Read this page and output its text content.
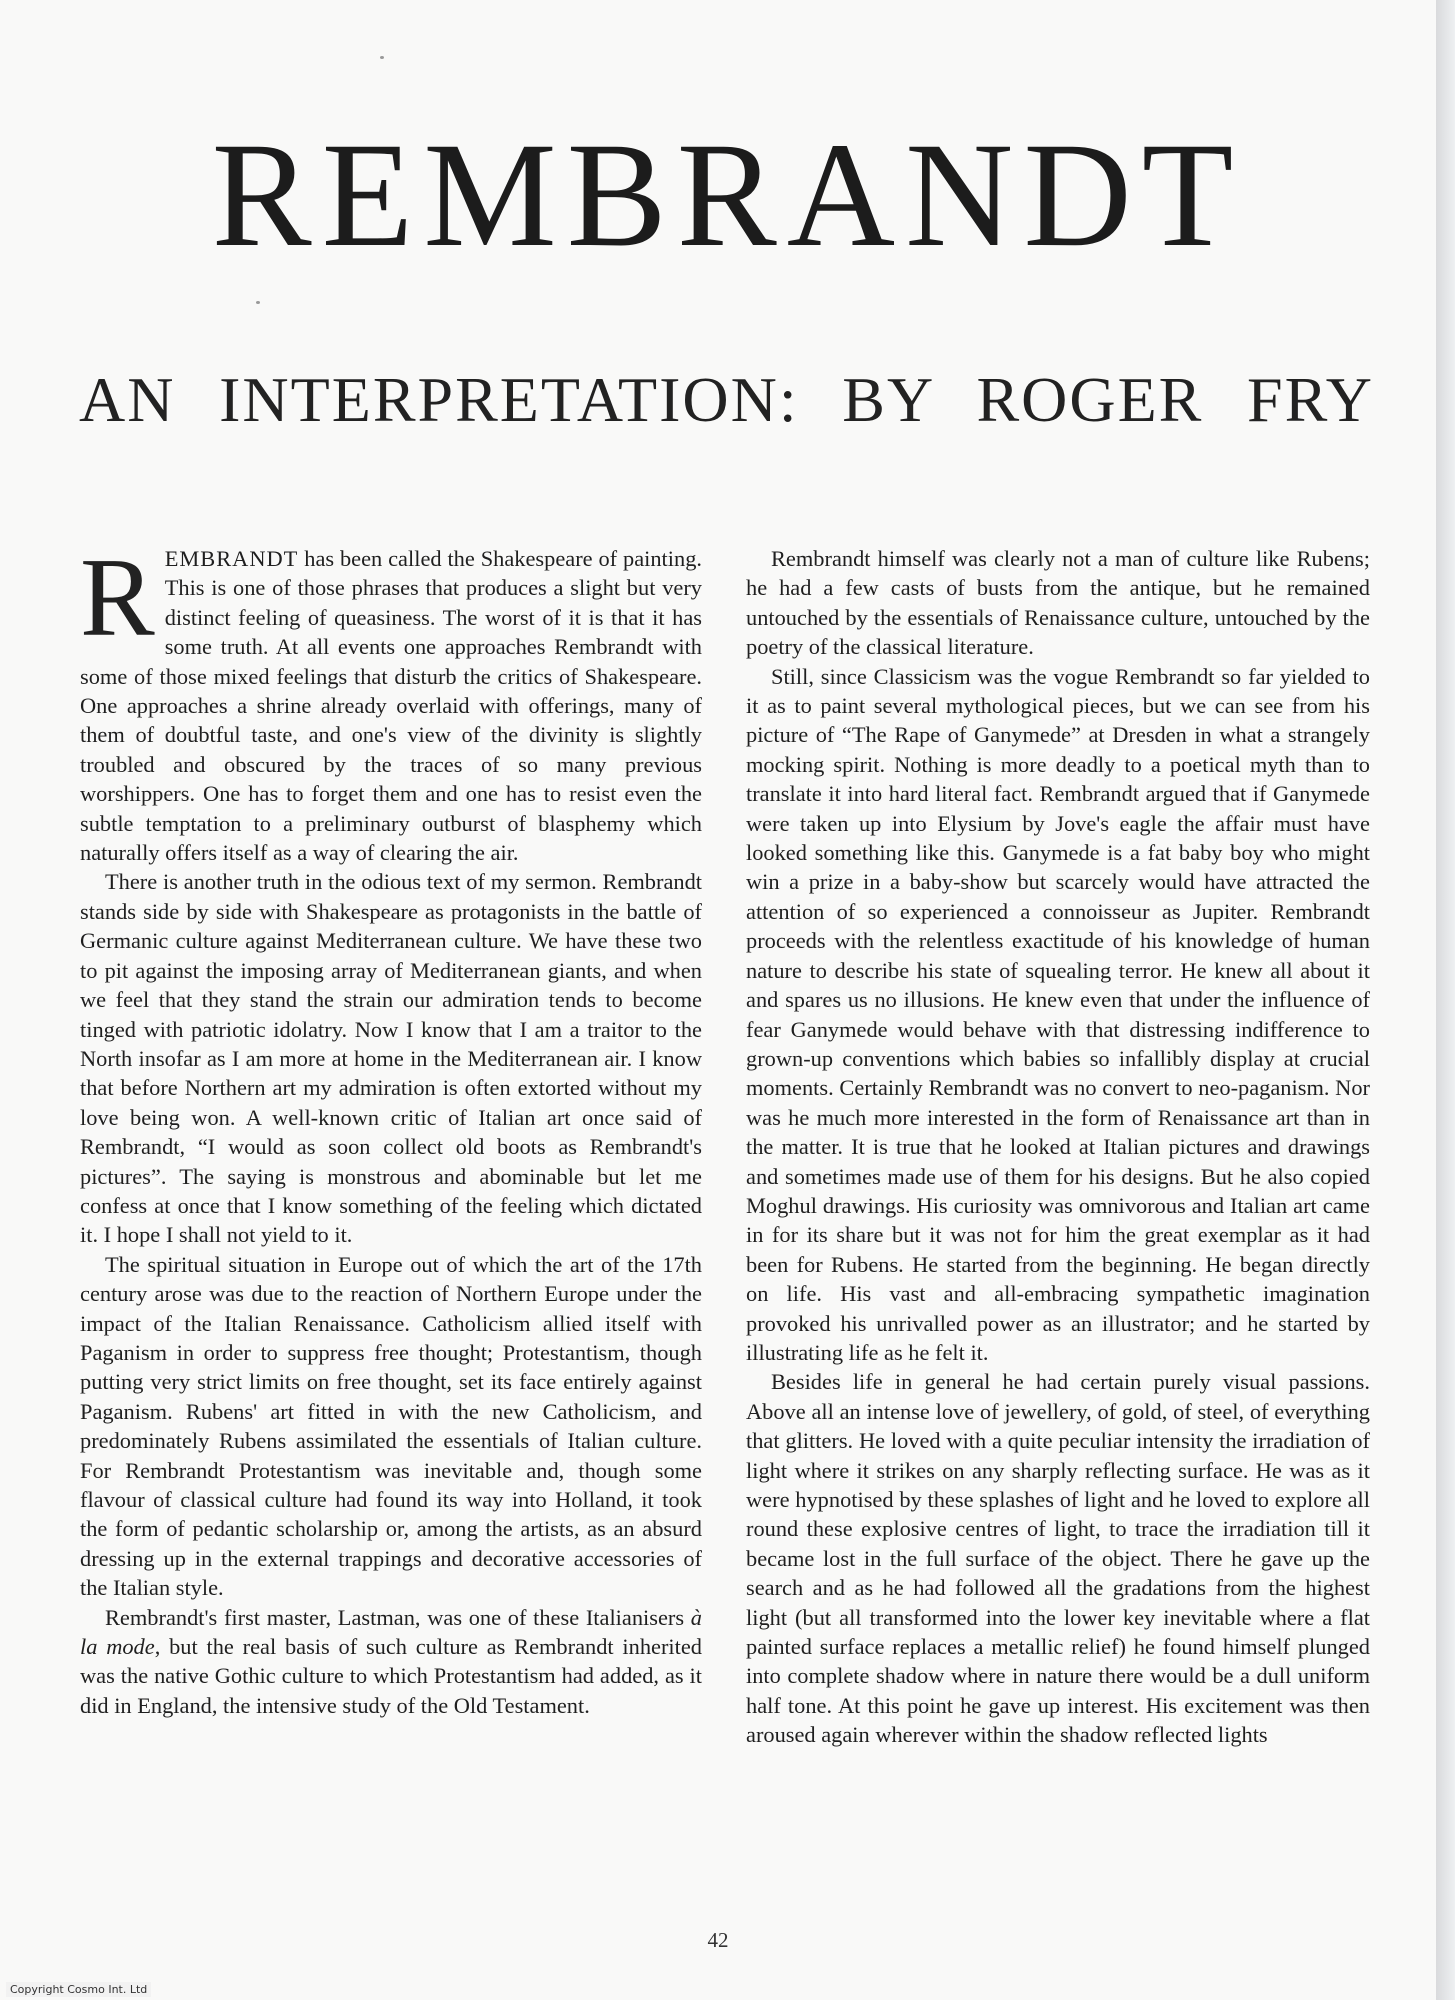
REMBRANDT
AN INTERPRETATION: BY ROGER FRY

REMBRANDT has been called the Shakespeare of painting. This is one of those phrases that produces a slight but very distinct feeling of queasiness. The worst of it is that it has some truth. At all events one approaches Rembrandt with some of those mixed feelings that disturb the critics of Shakespeare. One approaches a shrine already overlaid with offerings, many of them of doubtful taste, and one's view of the divinity is slightly troubled and obscured by the traces of so many previous worshippers. One has to forget them and one has to resist even the subtle temptation to a preliminary outburst of blasphemy which naturally offers itself as a way of clearing the air.

There is another truth in the odious text of my sermon. Rembrandt stands side by side with Shakespeare as protagonists in the battle of Germanic culture against Mediterranean culture. We have these two to pit against the imposing array of Mediterranean giants, and when we feel that they stand the strain our admiration tends to become tinged with patriotic idolatry. Now I know that I am a traitor to the North insofar as I am more at home in the Mediterranean air. I know that before Northern art my admiration is often extorted without my love being won. A well-known critic of Italian art once said of Rembrandt, “I would as soon collect old boots as Rembrandt's pictures”. The saying is monstrous and abominable but let me confess at once that I know something of the feeling which dictated it. I hope I shall not yield to it.

The spiritual situation in Europe out of which the art of the 17th century arose was due to the reaction of Northern Europe under the impact of the Italian Renaissance. Catholicism allied itself with Paganism in order to suppress free thought; Protestantism, though putting very strict limits on free thought, set its face entirely against Paganism. Rubens' art fitted in with the new Catholicism, and predominately Rubens assimilated the essentials of Italian culture. For Rembrandt Protestantism was inevitable and, though some flavour of classical culture had found its way into Holland, it took the form of pedantic scholarship or, among the artists, as an absurd dressing up in the external trappings and decorative accessories of the Italian style.

Rembrandt's first master, Lastman, was one of these Italianisers à la mode, but the real basis of such culture as Rembrandt inherited was the native Gothic culture to which Protestantism had added, as it did in England, the intensive study of the Old Testament.

Rembrandt himself was clearly not a man of culture like Rubens; he had a few casts of busts from the antique, but he remained untouched by the essentials of Renaissance culture, untouched by the poetry of the classical literature.

Still, since Classicism was the vogue Rembrandt so far yielded to it as to paint several mythological pieces, but we can see from his picture of “The Rape of Ganymede” at Dresden in what a strangely mocking spirit. Nothing is more deadly to a poetical myth than to translate it into hard literal fact. Rembrandt argued that if Ganymede were taken up into Elysium by Jove's eagle the affair must have looked something like this. Ganymede is a fat baby boy who might win a prize in a baby-show but scarcely would have attracted the attention of so experienced a connoisseur as Jupiter. Rembrandt proceeds with the relentless exactitude of his knowledge of human nature to describe his state of squealing terror. He knew all about it and spares us no illusions. He knew even that under the influence of fear Ganymede would behave with that distressing indifference to grown-up conventions which babies so infallibly display at crucial moments. Certainly Rembrandt was no convert to neo-paganism. Nor was he much more interested in the form of Renaissance art than in the matter. It is true that he looked at Italian pictures and drawings and sometimes made use of them for his designs. But he also copied Moghul drawings. His curiosity was omnivorous and Italian art came in for its share but it was not for him the great exemplar as it had been for Rubens. He started from the beginning. He began directly on life. His vast and all-embracing sympathetic imagination provoked his unrivalled power as an illustrator; and he started by illustrating life as he felt it.

Besides life in general he had certain purely visual passions. Above all an intense love of jewellery, of gold, of steel, of everything that glitters. He loved with a quite peculiar intensity the irradiation of light where it strikes on any sharply reflecting surface. He was as it were hypnotised by these splashes of light and he loved to explore all round these explosive centres of light, to trace the irradiation till it became lost in the full surface of the object. There he gave up the search and as he had followed all the gradations from the highest light (but all transformed into the lower key inevitable where a flat painted surface replaces a metallic relief) he found himself plunged into complete shadow where in nature there would be a dull uniform half tone. At this point he gave up interest. His excitement was then aroused again wherever within the shadow reflected lights

42
Copyright Cosmo Int. Ltd
